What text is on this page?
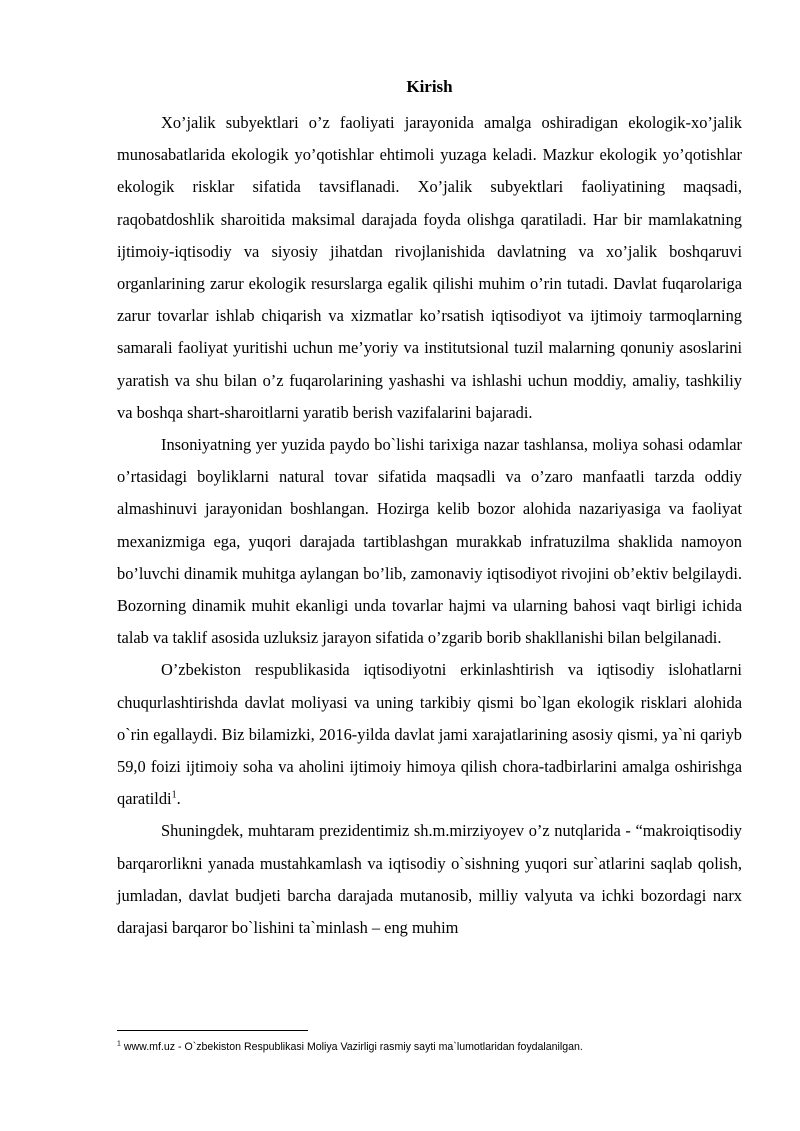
Kirish

Xo’jalik subyektlari o’z faoliyati jarayonida amalga oshiradigan ekologik-xo’jalik munosabatlarida ekologik yo’qotishlar ehtimoli yuzaga keladi. Mazkur ekologik yo’qotishlar ekologik risklar sifatida tavsiflanadi. Xo’jalik subyektlari faoliyatining maqsadi, raqobatdoshlik sharoitida maksimal darajada foyda olishga qaratiladi. Har bir mamlakatning ijtimoiy-iqtisodiy va siyosiy jihatdan rivojlanishida davlatning va xo’jalik boshqaruvi organlarining zarur ekologik resurslarga egalik qilishi muhim o’rin tutadi. Davlat fuqarolariga zarur tovarlar ishlab chiqarish va xizmatlar ko’rsatish iqtisodiyot va ijtimoiy tarmoqlarning samarali faoliyat yuritishi uchun me’yoriy va institutsional tuzil malarning qonuniy asoslarini yaratish va shu bilan o’z fuqarolarining yashashi va ishlashi uchun moddiy, amaliy, tashkiliy va boshqa shart-sharoitlarni yaratib berish vazifalarini bajaradi.

Insoniyatning yer yuzida paydo bo`lishi tarixiga nazar tashlansa, moliya sohasi odamlar o’rtasidagi boyliklarni natural tovar sifatida maqsadli va o’zaro manfaatli tarzda oddiy almashinuvi jarayonidan boshlangan. Hozirga kelib bozor alohida nazariyasiga va faoliyat mexanizmiga ega, yuqori darajada tartiblashgan murakkab infratuzilma shaklida namoyon bo’luvchi dinamik muhitga aylangan bo’lib, zamonaviy iqtisodiyot rivojini ob’ektiv belgilaydi. Bozorning dinamik muhit ekanligi unda tovarlar hajmi va ularning bahosi vaqt birligi ichida talab va taklif asosida uzluksiz jarayon sifatida o’zgarib borib shakllanishi bilan belgilanadi.

O’zbekiston respublikasida iqtisodiyotni erkinlashtirish va iqtisodiy islohatlarni chuqurlashtirishda davlat moliyasi va uning tarkibiy qismi bo`lgan ekologik risklari alohida o`rin egallaydi. Biz bilamizki, 2016-yilda davlat jami xarajatlarining asosiy qismi, ya`ni qariyb 59,0 foizi ijtimoiy soha va aholini ijtimoiy himoya qilish chora-tadbirlarini amalga oshirishga qaratildi$^1$.

Shuningdek, muhtaram prezidentimiz sh.m.mirziyoyev o’z nutqlarida - “makroiqtisodiy barqarorlikni yanada mustahkamlash va iqtisodiy o`sishning yuqori sur`atlarini saqlab qolish, jumladan, davlat budjeti barcha darajada mutanosib, milliy valyuta va ichki bozordagi narx darajasi barqaror bo`lishini ta`minlash – eng muhim

$^1$ www.mf.uz - O`zbekiston Respublikasi Moliya Vazirligi rasmiy sayti ma`lumotlaridan foydalanilgan.
